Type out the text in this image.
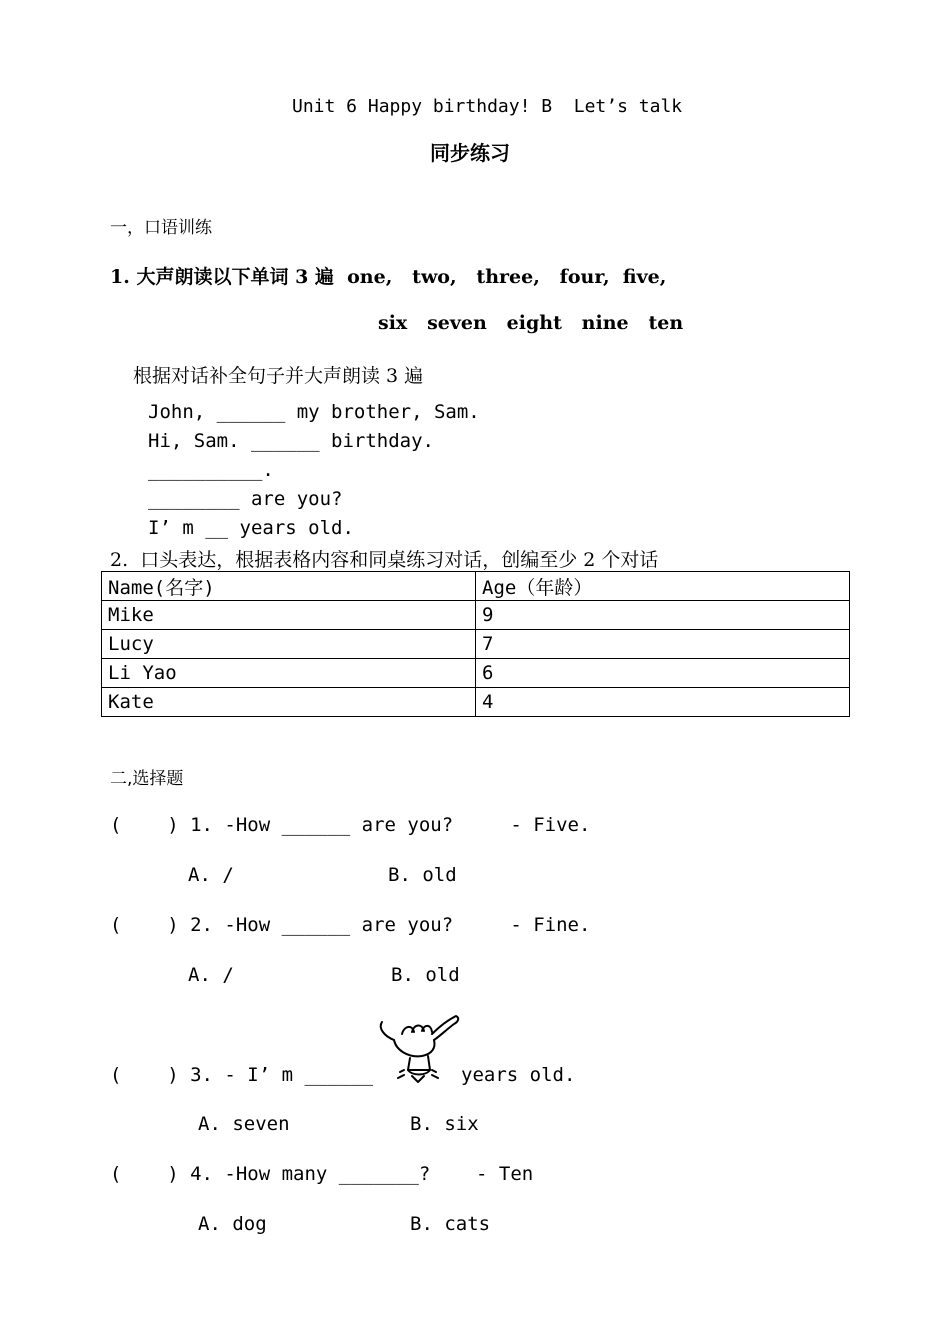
Unit 6 Happy birthday! B  Let’s talk
同步练习
一，口语训练
1. 大声朗读以下单词 3 遍  one,   two,   three,   four,  five,
six   seven   eight   nine   ten
根据对话补全句子并大声朗读 3 遍
John, ______ my brother, Sam.
Hi, Sam. ______ birthday.
__________.
________ are you?
I’ m __ years old.
2.  口头表达，根据表格内容和同桌练习对话，创编至少 2 个对话
Name(名字)	Age（年龄）
Mike	9
Lucy	7
Li Yao	6
Kate	4
二,选择题
(    ) 1. -How ______ are you?     - Five.
A. /	B. old
(    ) 2. -How ______ are you?     - Fine.
A. /	B. old
(    ) 3. - I’ m ______	years old.
A. seven	B. six
(    ) 4. -How many _______?    - Ten
A. dog	B. cats
